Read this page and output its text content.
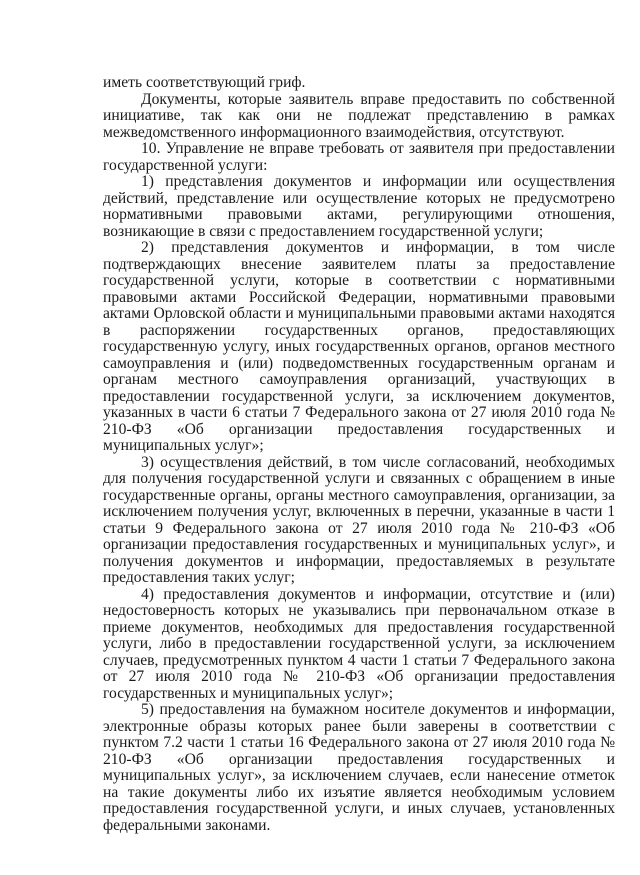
иметь соответствующий гриф.

Документы, которые заявитель вправе предоставить по собственной инициативе, так как они не подлежат представлению в рамках межведомственного информационного взаимодействия, отсутствуют.

10. Управление не вправе требовать от заявителя при предоставлении государственной услуги:

1) представления документов и информации или осуществления действий, представление или осуществление которых не предусмотрено нормативными правовыми актами, регулирующими отношения, возникающие в связи с предоставлением государственной услуги;

2) представления документов и информации, в том числе подтверждающих внесение заявителем платы за предоставление государственной услуги, которые в соответствии с нормативными правовыми актами Российской Федерации, нормативными правовыми актами Орловской области и муниципальными правовыми актами находятся в распоряжении государственных органов, предоставляющих государственную услугу, иных государственных органов, органов местного самоуправления и (или) подведомственных государственным органам и органам местного самоуправления организаций, участвующих в предоставлении государственной услуги, за исключением документов, указанных в части 6 статьи 7 Федерального закона от 27 июля 2010 года № 210-ФЗ «Об организации предоставления государственных и муниципальных услуг»;

3) осуществления действий, в том числе согласований, необходимых для получения государственной услуги и связанных с обращением в иные государственные органы, органы местного самоуправления, организации, за исключением получения услуг, включенных в перечни, указанные в части 1 статьи 9 Федерального закона от 27 июля 2010 года № 210-ФЗ «Об организации предоставления государственных и муниципальных услуг», и получения документов и информации, предоставляемых в результате предоставления таких услуг;

4) предоставления документов и информации, отсутствие и (или) недостоверность которых не указывались при первоначальном отказе в приеме документов, необходимых для предоставления государственной услуги, либо в предоставлении государственной услуги, за исключением случаев, предусмотренных пунктом 4 части 1 статьи 7 Федерального закона от 27 июля 2010 года № 210-ФЗ «Об организации предоставления государственных и муниципальных услуг»;

5) предоставления на бумажном носителе документов и информации, электронные образы которых ранее были заверены в соответствии с пунктом 7.2 части 1 статьи 16 Федерального закона от 27 июля 2010 года № 210-ФЗ «Об организации предоставления государственных и муниципальных услуг», за исключением случаев, если нанесение отметок на такие документы либо их изъятие является необходимым условием предоставления государственной услуги, и иных случаев, установленных федеральными законами.
